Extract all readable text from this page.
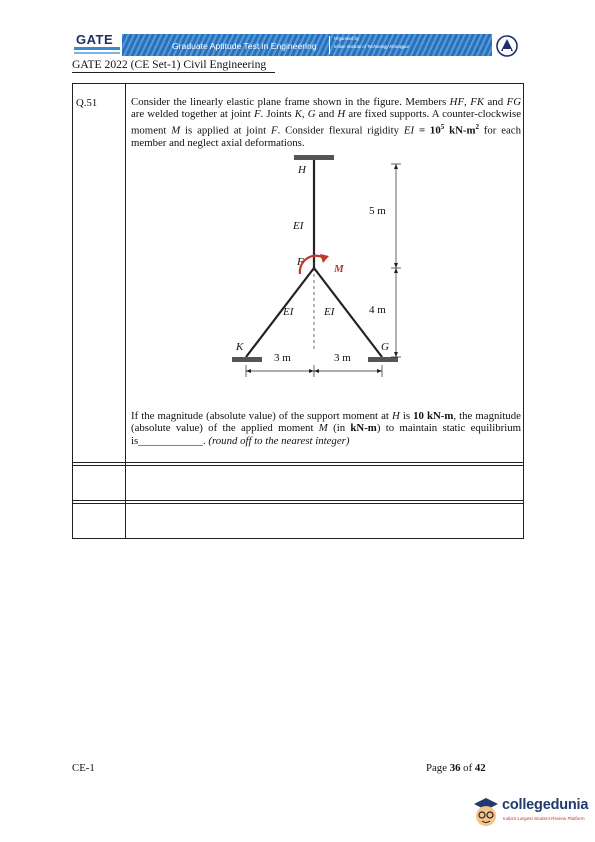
GATE	Graduate Aptitude Test in Engineering
Organised by
Indian Institute of Technology Kharagpur
GATE 2022 (CE Set-1) Civil Engineering
Q.51	Consider the linearly elastic plane frame shown in the figure. Members HF, FK and FG are welded together at joint F. Joints K, G and H are fixed supports. A counter-clockwise moment M is applied at joint F. Consider flexural rigidity EI = $10^5$ $kN-m^2$ for each member and neglect axial deformations.
H
EI
F
M
EI	EI
K	G
5 m
4 m
3 m	3 m
If the magnitude (absolute value) of the support moment at H is 10 kN-m, the magnitude (absolute value) of the applied moment M (in kN-m) to maintain static equilibrium is____________. (round off to the nearest integer)
CE-1	Page 36 of 42
collegedunia
India's Largest Student Review Platform
